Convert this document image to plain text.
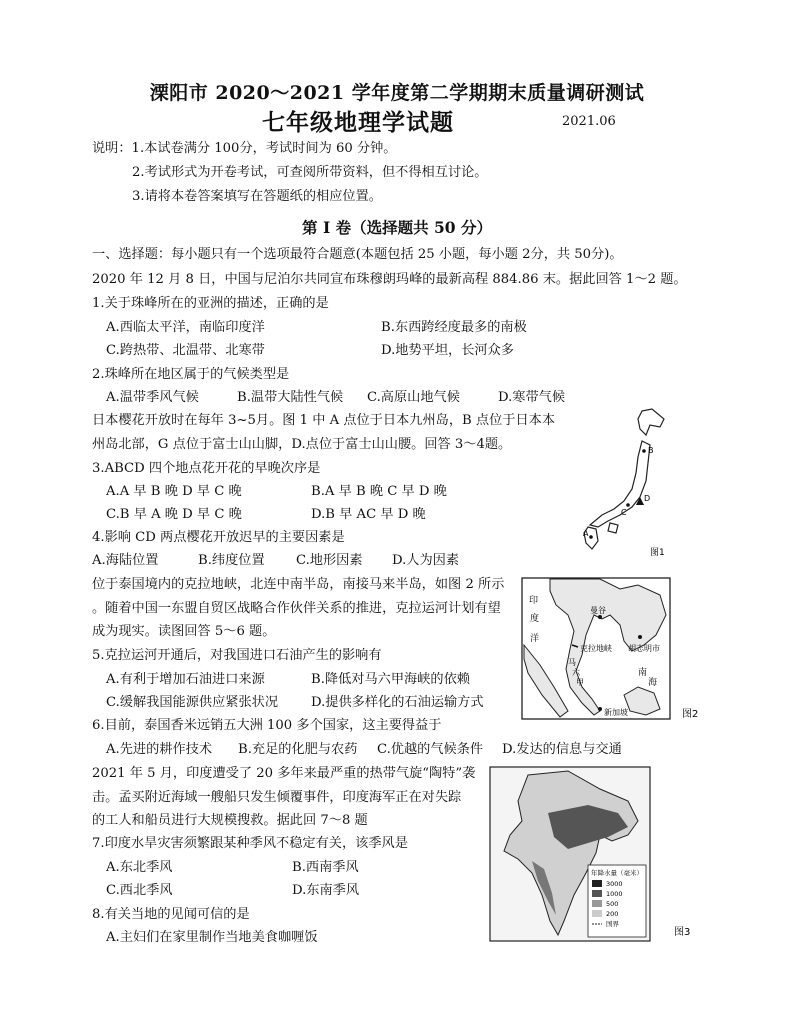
溧阳市 2020～2021 学年度第二学期期末质量调研测试
七年级地理学试题	2021.06
说明：1.本试卷满分 100分，考试时间为 60 分钟。
2.考试形式为开卷考试，可查阅所带资料，但不得相互讨论。
3.请将本卷答案填写在答题纸的相应位置。
第 I 卷（选择题共 50 分）
一、选择题：每小题只有一个选项最符合题意(本题包括 25 小题，每小题 2分，共 50分)。
2020 年 12 月 8 日，中国与尼泊尔共同宣布珠穆朗玛峰的最新高程 884.86 末。据此回答 1～2 题。
1.关于珠峰所在的亚洲的描述，正确的是
A.西临太平洋，南临印度洋	B.东西跨经度最多的南极
C.跨热带、北温带、北寒带	D.地势平坦，长河众多
2.珠峰所在地区属于的气候类型是
A.温带季风气候	B.温带大陆性气候 C.高原山地气候	D.寒带气候
日本樱花开放时在每年 3~5月。图 1 中 A 点位于日本九州岛，B 点位于日本本
州岛北部，G 点位于富士山山脚，D.点位于富士山山腰。回答 3～4题。
3.ABCD 四个地点花开花的早晚次序是
A.A 早 B 晚 D 早 C 晚	B.A 早 B 晚 C 早 D 晚
C.B 早 A 晚 D 早 C 晚	D.B 早 AC 早 D 晚
4.影响 CD 两点樱花开放迟早的主要因素是
A.海陆位置	B.纬度位置 C.地形因素 D.人为因素
位于泰国境内的克拉地峡，北连中南半岛，南接马来半岛，如图 2 所示
。随着中国一东盟自贸区战略合作伙伴关系的推进，克拉运河计划有望
成为现实。读图回答 5～6 题。
5.克拉运河开通后，对我国进口石油产生的影响有
A.有利于增加石油进口来源	B.降低对马六甲海峡的依赖
C.缓解我国能源供应紧张状况 D.提供多样化的石油运输方式
6.目前，泰国香米远销五大洲 100 多个国家，这主要得益于
A.先进的耕作技术 B.充足的化肥与农药 C.优越的气候条件 D.发达的信息与交通
2021 年 5 月，印度遭受了 20 多年来最严重的热带气旋“陶特”袭
击。孟买附近海域一艘船只发生倾覆事件，印度海军正在对失踪
的工人和船员进行大规模搜救。据此回 7～8 题
7.印度水旱灾害须繁跟某种季风不稳定有关，该季风是
A.东北季风	B.西南季风
C.西北季风	D.东南季风
8.有关当地的见闻可信的是
A.主妇们在家里制作当地美食咖喱饭
A
B
C
D
图1
印
度
洋
曼谷
克拉地峡
马
六
甲
胡志明市
南
海
新加坡	图2
年降水量（毫米）
3000
1000
500
200
国界
图3
